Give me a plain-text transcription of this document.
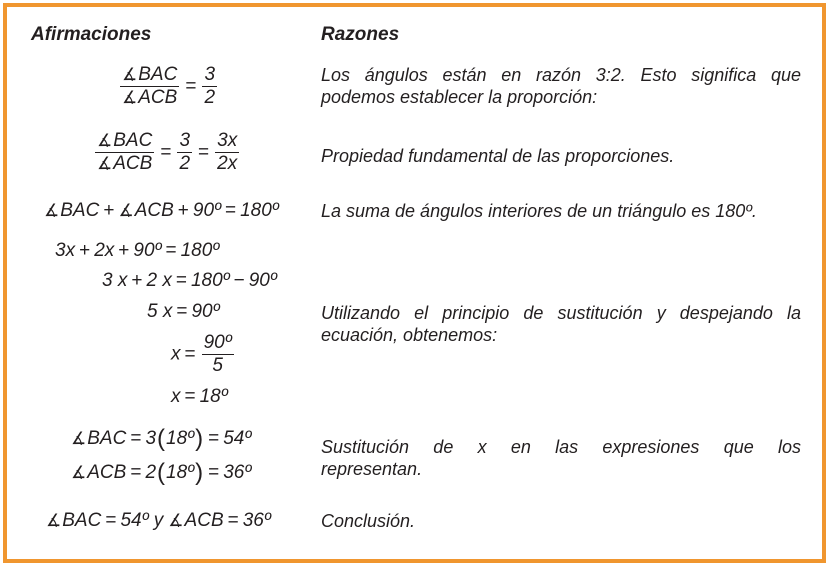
Afirmaciones	Razones
$\frac{\text{∡BAC}}{\text{∡ACB}} = \frac{3}{2}$
$\frac{\text{∡BAC}}{\text{∡ACB}} = \frac{3}{2} = \frac{3x}{2x}$
∡BAC + ∡ACB + 90º = 180º
3x + 2x + 90º = 180º
3 x + 2 x = 180º − 90º
5 x = 90º
$x = \frac{\text{90º}}{5}$
x = 18º
∡BAC = 3(18º) = 54º
∡ACB = 2(18º) = 36º
∡BAC = 54º y ∡ACB = 36º
Los ángulos están en razón 3:2. Esto significa que
podemos establecer la proporción:
Propiedad fundamental de las proporciones.
La suma de ángulos interiores de un triángulo es 180º.
Utilizando el principio de sustitución y despejando la
ecuación, obtenemos:
Sustitución de x en las expresiones que los
representan.
Conclusión.
